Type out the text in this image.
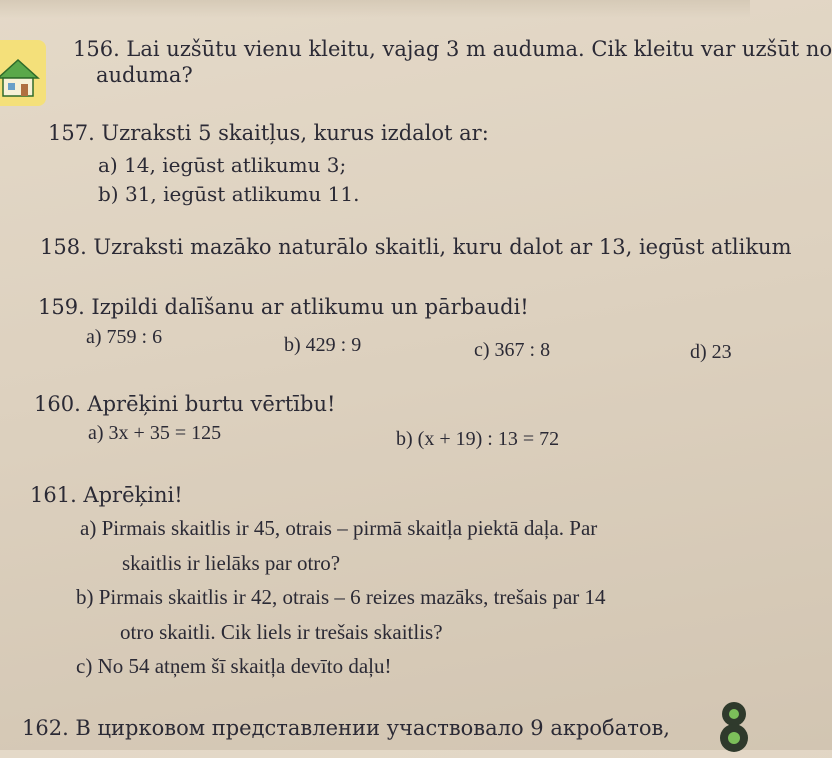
156. Lai uzšūtu vienu kleitu, vajag 3 m auduma. Cik kleitu var uzšūt no
auduma?
157. Uzraksti 5 skaitļus, kurus izdalot ar:
a) 14, iegūst atlikumu 3;
b) 31, iegūst atlikumu 11.
158. Uzraksti mazāko naturālo skaitli, kuru dalot ar 13, iegūst atlikum
159. Izpildi dalīšanu ar atlikumu un pārbaudi!
a) 759 : 6	b) 429 : 9	c) 367 : 8	d) 23
160. Aprēķini burtu vērtību!
a) 3x + 35 = 125	b) (x + 19) : 13 = 72
161. Aprēķini!
a) Pirmais skaitlis ir 45, otrais – pirmā skaitļa piektā daļa. Par
skaitlis ir lielāks par otro?
b) Pirmais skaitlis ir 42, otrais – 6 reizes mazāks, trešais par 14
otro skaitli. Cik liels ir trešais skaitlis?
c) No 54 atņem šī skaitļa devīto daļu!
162. В цирковом представлении участвовало 9 акробатов,
